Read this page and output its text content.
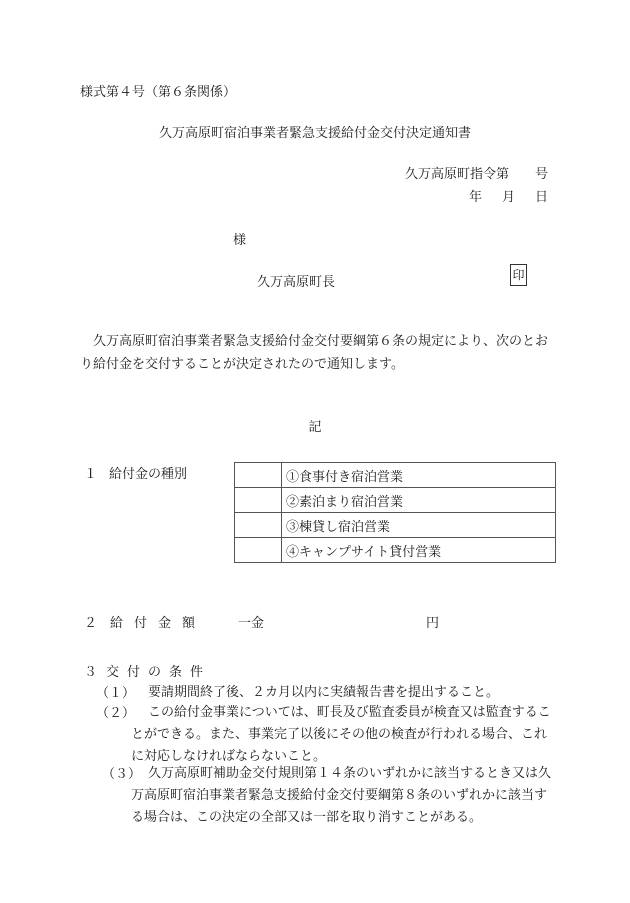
様式第４号（第６条関係）
久万高原町宿泊事業者緊急支援給付金交付決定通知書
久万高原町指令第　　号
年 月 日
様
久万高原町長	印
久万高原町宿泊事業者緊急支援給付金交付要綱第６条の規定により、次のとおり給付金を交付することが決定されたので通知します。
記
１ 給付金の種別
		①食事付き宿泊営業
	②素泊まり宿泊営業
	③棟貸し宿泊営業
	④キャンプサイト貸付営業
２ 給付金額 一金	円
３ 交付の条件
（１） 要請期間終了後、２カ月以内に実績報告書を提出すること。
（２） この給付金事業については、町長及び監査委員が検査又は監査することができる。また、事業完了以後にその他の検査が行われる場合、これに対応しなければならないこと。
（３） 久万高原町補助金交付規則第１４条のいずれかに該当するとき又は久万高原町宿泊事業者緊急支援給付金交付要綱第８条のいずれかに該当する場合は、この決定の全部又は一部を取り消すことがある。
